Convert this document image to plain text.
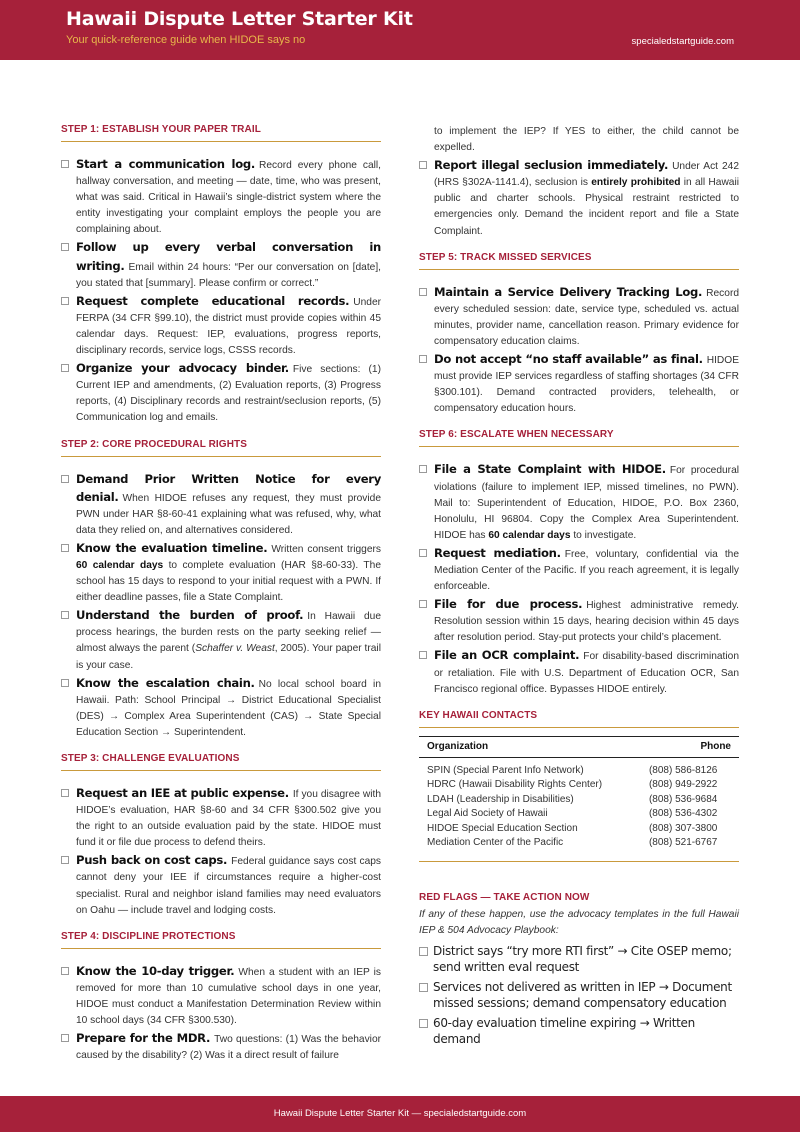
Hawaii Dispute Letter Starter Kit
Your quick-reference guide when HIDOE says no	specialedstartguide.com
STEP 1: ESTABLISH YOUR PAPER TRAIL
Start a communication log. Record every phone call, hallway conversation, and meeting — date, time, who was present, what was said. Critical in Hawaii’s single-district system where the entity investigating your complaint employs the people you are complaining about.
Follow up every verbal conversation in writing. Email within 24 hours: “Per our conversation on [date], you stated that [summary]. Please confirm or correct.”
Request complete educational records. Under FERPA (34 CFR §99.10), the district must provide copies within 45 calendar days. Request: IEP, evaluations, progress reports, disciplinary records, service logs, CSSS records.
Organize your advocacy binder. Five sections: (1) Current IEP and amendments, (2) Evaluation reports, (3) Progress reports, (4) Disciplinary records and restraint/seclusion reports, (5) Communication log and emails.
STEP 2: CORE PROCEDURAL RIGHTS
Demand Prior Written Notice for every denial. When HIDOE refuses any request, they must provide PWN under HAR §8-60-41 explaining what was refused, why, what data they relied on, and alternatives considered.
Know the evaluation timeline. Written consent triggers 60 calendar days to complete evaluation (HAR §8-60-33). The school has 15 days to respond to your initial request with a PWN. If either deadline passes, file a State Complaint.
Understand the burden of proof. In Hawaii due process hearings, the burden rests on the party seeking relief — almost always the parent (Schaffer v. Weast, 2005). Your paper trail is your case.
Know the escalation chain. No local school board in Hawaii. Path: School Principal → District Educational Specialist (DES) → Complex Area Superintendent (CAS) → State Special Education Section → Superintendent.
STEP 3: CHALLENGE EVALUATIONS
Request an IEE at public expense. If you disagree with HIDOE’s evaluation, HAR §8-60 and 34 CFR §300.502 give you the right to an outside evaluation paid by the state. HIDOE must fund it or file due process to defend theirs.
Push back on cost caps. Federal guidance says cost caps cannot deny your IEE if circumstances require a higher-cost specialist. Rural and neighbor island families may need evaluators on Oahu — include travel and lodging costs.
STEP 4: DISCIPLINE PROTECTIONS
Know the 10-day trigger. When a student with an IEP is removed for more than 10 cumulative school days in one year, HIDOE must conduct a Manifestation Determination Review within 10 school days (34 CFR §300.530).
Prepare for the MDR. Two questions: (1) Was the behavior caused by the disability? (2) Was it a direct result of failure
to implement the IEP? If YES to either, the child cannot be expelled.
Report illegal seclusion immediately. Under Act 242 (HRS §302A-1141.4), seclusion is entirely prohibited in all Hawaii public and charter schools. Physical restraint restricted to emergencies only. Demand the incident report and file a State Complaint.
STEP 5: TRACK MISSED SERVICES
Maintain a Service Delivery Tracking Log. Record every scheduled session: date, service type, scheduled vs. actual minutes, provider name, cancellation reason. Primary evidence for compensatory education claims.
Do not accept “no staff available” as final. HIDOE must provide IEP services regardless of staffing shortages (34 CFR §300.101). Demand contracted providers, telehealth, or compensatory education hours.
STEP 6: ESCALATE WHEN NECESSARY
File a State Complaint with HIDOE. For procedural violations (failure to implement IEP, missed timelines, no PWN). Mail to: Superintendent of Education, HIDOE, P.O. Box 2360, Honolulu, HI 96804. Copy the Complex Area Superintendent. HIDOE has 60 calendar days to investigate.
Request mediation. Free, voluntary, confidential via the Mediation Center of the Pacific. If you reach agreement, it is legally enforceable.
File for due process. Highest administrative remedy. Resolution session within 15 days, hearing decision within 45 days after resolution period. Stay-put protects your child’s placement.
File an OCR complaint. For disability-based discrimination or retaliation. File with U.S. Department of Education OCR, San Francisco regional office. Bypasses HIDOE entirely.
KEY HAWAII CONTACTS
Organization	Phone
SPIN (Special Parent Info Network)	(808) 586-8126
HDRC (Hawaii Disability Rights Center)	(808) 949-2922
LDAH (Leadership in Disabilities)	(808) 536-9684
Legal Aid Society of Hawaii	(808) 536-4302
HIDOE Special Education Section	(808) 307-3800
Mediation Center of the Pacific	(808) 521-6767
RED FLAGS — TAKE ACTION NOW
If any of these happen, use the advocacy templates in the full Hawaii IEP & 504 Advocacy Playbook:
District says “try more RTI first” → Cite OSEP memo; send written eval request
Services not delivered as written in IEP → Document missed sessions; demand compensatory education
60-day evaluation timeline expiring → Written demand
Hawaii Dispute Letter Starter Kit — specialedstartguide.com
